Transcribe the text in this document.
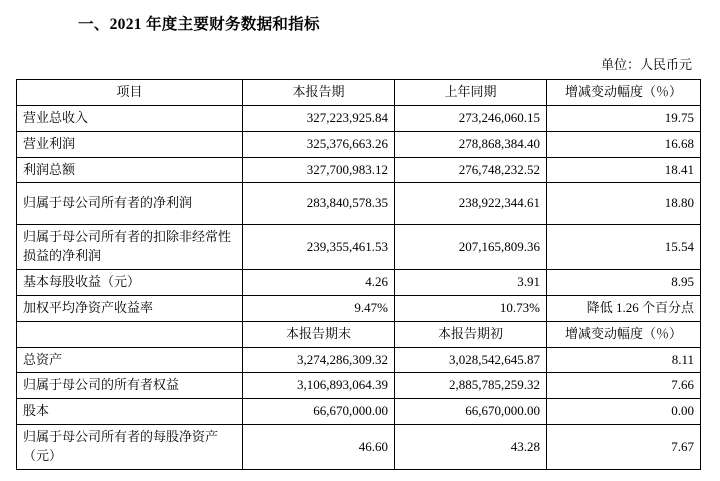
一、2021 年度主要财务数据和指标
单位：人民币元
项目	本报告期	上年同期	增减变动幅度（％）
营业总收入	327,223,925.84	273,246,060.15	19.75
营业利润	325,376,663.26	278,868,384.40	16.68
利润总额	327,700,983.12	276,748,232.52	18.41
归属于母公司所有者的净利润	283,840,578.35	238,922,344.61	18.80
归属于母公司所有者的扣除非经常性损益的净利润	239,355,461.53	207,165,809.36	15.54
基本每股收益（元）	4.26	3.91	8.95
加权平均净资产收益率	9.47%	10.73%	降低 1.26 个百分点
	本报告期末	本报告期初	增减变动幅度（％）
总资产	3,274,286,309.32	3,028,542,645.87	8.11
归属于母公司的所有者权益	3,106,893,064.39	2,885,785,259.32	7.66
股本	66,670,000.00	66,670,000.00	0.00
归属于母公司所有者的每股净资产（元）	46.60	43.28	7.67
